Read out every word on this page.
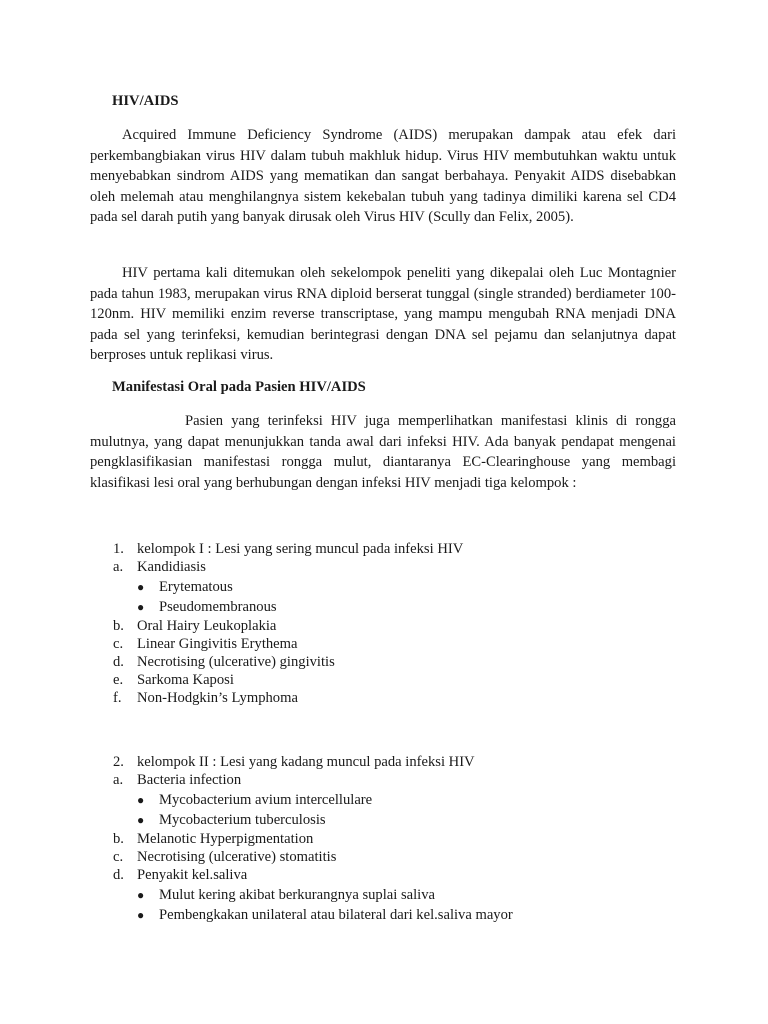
HIV/AIDS

Acquired Immune Deficiency Syndrome (AIDS) merupakan dampak atau efek dari perkembangbiakan virus HIV dalam tubuh makhluk hidup. Virus HIV membutuhkan waktu untuk menyebabkan sindrom AIDS yang mematikan dan sangat berbahaya. Penyakit AIDS disebabkan oleh melemah atau menghilangnya sistem kekebalan tubuh yang tadinya dimiliki karena sel CD4 pada sel darah putih yang banyak dirusak oleh Virus HIV (Scully dan Felix, 2005).

HIV pertama kali ditemukan oleh sekelompok peneliti yang dikepalai oleh Luc Montagnier pada tahun 1983, merupakan virus RNA diploid berserat tunggal (single stranded) berdiameter 100-120nm. HIV memiliki enzim reverse transcriptase, yang mampu mengubah RNA menjadi DNA pada sel yang terinfeksi, kemudian berintegrasi dengan DNA sel pejamu dan selanjutnya dapat berproses untuk replikasi virus.

Manifestasi Oral pada Pasien HIV/AIDS

Pasien yang terinfeksi HIV juga memperlihatkan manifestasi klinis di rongga mulutnya, yang dapat menunjukkan tanda awal dari infeksi HIV. Ada banyak pendapat mengenai pengklasifikasian manifestasi rongga mulut, diantaranya EC-Clearinghouse yang membagi klasifikasi lesi oral yang berhubungan dengan infeksi HIV menjadi tiga kelompok :

1. kelompok I : Lesi yang sering muncul pada infeksi HIV
a. Kandidiasis
● Erytematous
● Pseudomembranous
b. Oral Hairy Leukoplakia
c. Linear Gingivitis Erythema
d. Necrotising (ulcerative) gingivitis
e. Sarkoma Kaposi
f. Non-Hodgkin’s Lymphoma
2. kelompok II : Lesi yang kadang muncul pada infeksi HIV
a. Bacteria infection
● Mycobacterium avium intercellulare
● Mycobacterium tuberculosis
b. Melanotic Hyperpigmentation
c. Necrotising (ulcerative) stomatitis
d. Penyakit kel.saliva
● Mulut kering akibat berkurangnya suplai saliva
● Pembengkakan unilateral atau bilateral dari kel.saliva mayor
